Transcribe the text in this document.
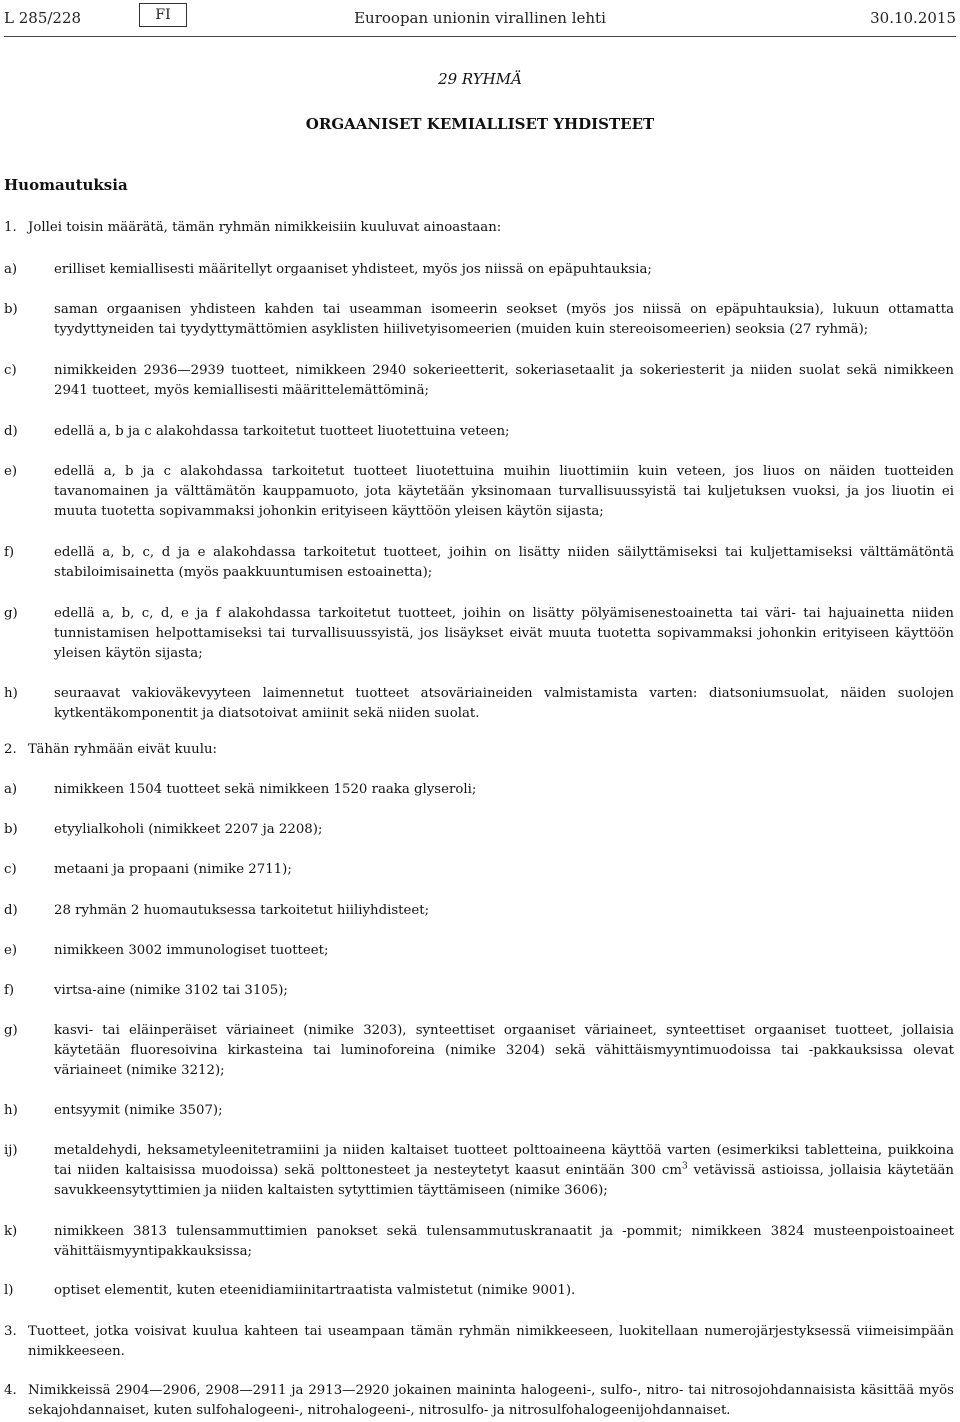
L 285/228	Euroopan unionin virallinen lehti
FI	30.10.2015
29 RYHMÄ
ORGAANISET KEMIALLISET YHDISTEET
Huomautuksia
1. Jollei toisin määrätä, tämän ryhmän nimikkeisiin kuuluvat ainoastaan:
a)	erilliset kemiallisesti määritellyt orgaaniset yhdisteet, myös jos niissä on epäpuhtauksia;
b)	saman orgaanisen yhdisteen kahden tai useamman isomeerin seokset (myös jos niissä on epäpuhtauksia), lukuun ottamatta tyydyttyneiden tai tyydyttymättömien asyklisten hiilivetyisomeerien (muiden kuin stereoisomeerien) seoksia (27 ryhmä);
c)	nimikkeiden 2936—2939 tuotteet, nimikkeen 2940 sokerieetterit, sokeriasetaalit ja sokeriesterit ja niiden suolat sekä nimikkeen 2941 tuotteet, myös kemiallisesti määrittelemättöminä;
d)	edellä a, b ja c alakohdassa tarkoitetut tuotteet liuotettuina veteen;
e)	edellä a, b ja c alakohdassa tarkoitetut tuotteet liuotettuina muihin liuottimiin kuin veteen, jos liuos on näiden tuotteiden tavanomainen ja välttämätön kauppamuoto, jota käytetään yksinomaan turvallisuussyistä tai kuljetuksen vuoksi, ja jos liuotin ei muuta tuotetta sopivammaksi johonkin erityiseen käyttöön yleisen käytön sijasta;
f)	edellä a, b, c, d ja e alakohdassa tarkoitetut tuotteet, joihin on lisätty niiden säilyttämiseksi tai kuljettamiseksi välttämätöntä stabiloimisainetta (myös paakkuuntumisen estoainetta);
g)	edellä a, b, c, d, e ja f alakohdassa tarkoitetut tuotteet, joihin on lisätty pölyämisenestoainetta tai väri- tai hajuainetta niiden tunnistamisen helpottamiseksi tai turvallisuussyistä, jos lisäykset eivät muuta tuotetta sopivammaksi johonkin erityiseen käyttöön yleisen käytön sijasta;
h)	seuraavat vakioväkevyyteen laimennetut tuotteet atsoväriaineiden valmistamista varten: diatsoniumsuolat, näiden suolojen kytkentäkomponentit ja diatsotoivat amiinit sekä niiden suolat.
2. Tähän ryhmään eivät kuulu:
a)	nimikkeen 1504 tuotteet sekä nimikkeen 1520 raaka glyseroli;
b)	etyylialkoholi (nimikkeet 2207 ja 2208);
c)	metaani ja propaani (nimike 2711);
d)	28 ryhmän 2 huomautuksessa tarkoitetut hiiliyhdisteet;
e)	nimikkeen 3002 immunologiset tuotteet;
f)	virtsa-aine (nimike 3102 tai 3105);
g)	kasvi- tai eläinperäiset väriaineet (nimike 3203), synteettiset orgaaniset väriaineet, synteettiset orgaaniset tuotteet, jollaisia käytetään fluoresoivina kirkasteina tai luminoforeina (nimike 3204) sekä vähittäismyyntimuodoissa tai -pakkauksissa olevat väriaineet (nimike 3212);
h)	entsyymit (nimike 3507);
ij)	metaldehydi, heksametyleenitetramiini ja niiden kaltaiset tuotteet polttoaineena käyttöä varten (esimerkiksi tabletteina, puikkoina tai niiden kaltaisissa muodoissa) sekä polttonesteet ja nesteytetyt kaasut enintään 300 $cm^3$ vetävissä astioissa, jollaisia käytetään savukkeensytyttimien ja niiden kaltaisten sytyttimien täyttämiseen (nimike 3606);
k)	nimikkeen 3813 tulensammuttimien panokset sekä tulensammutuskranaatit ja -pommit; nimikkeen 3824 musteenpoistoaineet vähittäismyyntipakkauksissa;
l)	optiset elementit, kuten eteenidiamiinitartraatista valmistetut (nimike 9001).
3. Tuotteet, jotka voisivat kuulua kahteen tai useampaan tämän ryhmän nimikkeeseen, luokitellaan numerojärjestyksessä viimeisimpään nimikkeeseen.
4. Nimikkeissä 2904—2906, 2908—2911 ja 2913—2920 jokainen maininta halogeeni-, sulfo-, nitro- tai nitrosojohdannaisista käsittää myös sekajohdannaiset, kuten sulfohalogeeni-, nitrohalogeeni-, nitrosulfo- ja nitrosulfohalogeenijohdannaiset.
